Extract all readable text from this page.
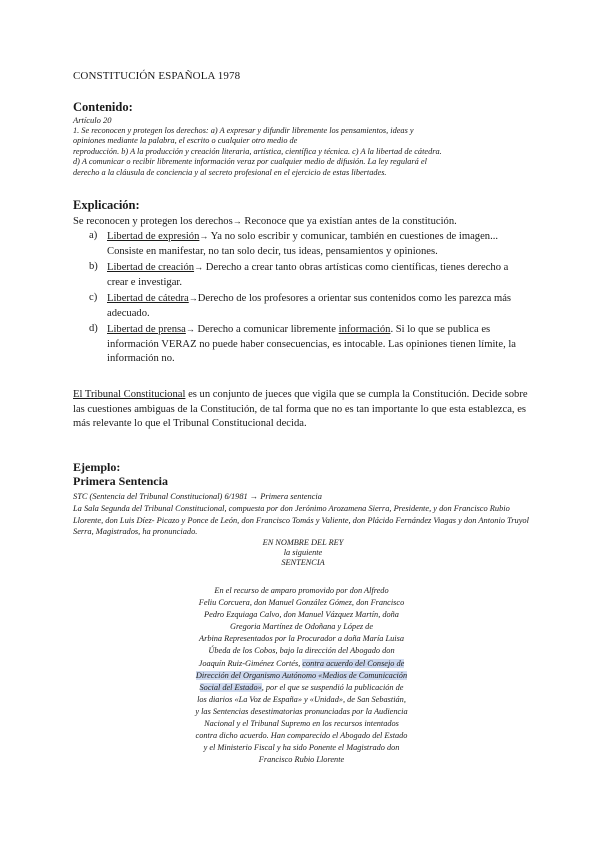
CONSTITUCIÓN ESPAÑOLA 1978
Contenido:
Artículo 20
1. Se reconocen y protegen los derechos: a) A expresar y difundir libremente los pensamientos, ideas y
opiniones mediante la palabra, el escrito o cualquier otro medio de
reproducción. b) A la producción y creación literaria, artística, científica y técnica. c) A la libertad de cátedra.
d) A comunicar o recibir libremente información veraz por cualquier medio de difusión. La ley regulará el
derecho a la cláusula de conciencia y al secreto profesional en el ejercicio de estas libertades.
Explicación:
Se reconocen y protegen los derechos→ Reconoce que ya existían antes de la constitución.
a) Libertad de expresión→ Ya no solo escribir y comunicar, también en cuestiones de imagen... Consiste en manifestar, no tan solo decir, tus ideas, pensamientos y opiniones.
b) Libertad de creación→ Derecho a crear tanto obras artísticas como científicas, tienes derecho a crear e investigar.
c) Libertad de cátedra→Derecho de los profesores a orientar sus contenidos como les parezca más adecuado.
d) Libertad de prensa→ Derecho a comunicar libremente información. Si lo que se publica es información VERAZ no puede haber consecuencias, es intocable. Las opiniones tienen límite, la información no.
El Tribunal Constitucional es un conjunto de jueces que vigila que se cumpla la Constitución. Decide sobre las cuestiones ambiguas de la Constitución, de tal forma que no es tan importante lo que esta establezca, es más relevante lo que el Tribunal Constitucional decida.
Ejemplo:
Primera Sentencia
STC (Sentencia del Tribunal Constitucional) 6/1981 → Primera sentencia
La Sala Segunda del Tribunal Constitucional, compuesta por don Jerónimo Arozamena Sierra, Presidente, y don Francisco Rubio Llorente, don Luis Díez- Picazo y Ponce de León, don Francisco Tomás y Valiente, don Plácido Fernández Viagas y don Antonio Truyol Serra, Magistrados, ha pronunciado.
EN NOMBRE DEL REY
la siguiente
SENTENCIA
En el recurso de amparo promovido por don Alfredo
Feliu Corcuera, don Manuel González Gómez, don Francisco
Pedro Ezquiaga Calvo, don Manuel Vázquez Martín, doña
Gregoria Martínez de Odoñana y López de
Arbina Representados por la Procurador a doña María Luisa
Úbeda de los Cobos, bajo la dirección del Abogado don
Joaquín Ruiz-Giménez Cortés, contra acuerdo del Consejo de
Dirección del Organismo Autónomo «Medios de Comunicación
Social del Estado», por el que se suspendió la publicación de
los diarios «La Voz de España» y «Unidad», de San Sebastián,
y las Sentencias desestimatorias pronunciadas por la Audiencia
Nacional y el Tribunal Supremo en los recursos intentados
contra dicho acuerdo. Han comparecido el Abogado del Estado
y el Ministerio Fiscal y ha sido Ponente el Magistrado don
Francisco Rubio Llorente
